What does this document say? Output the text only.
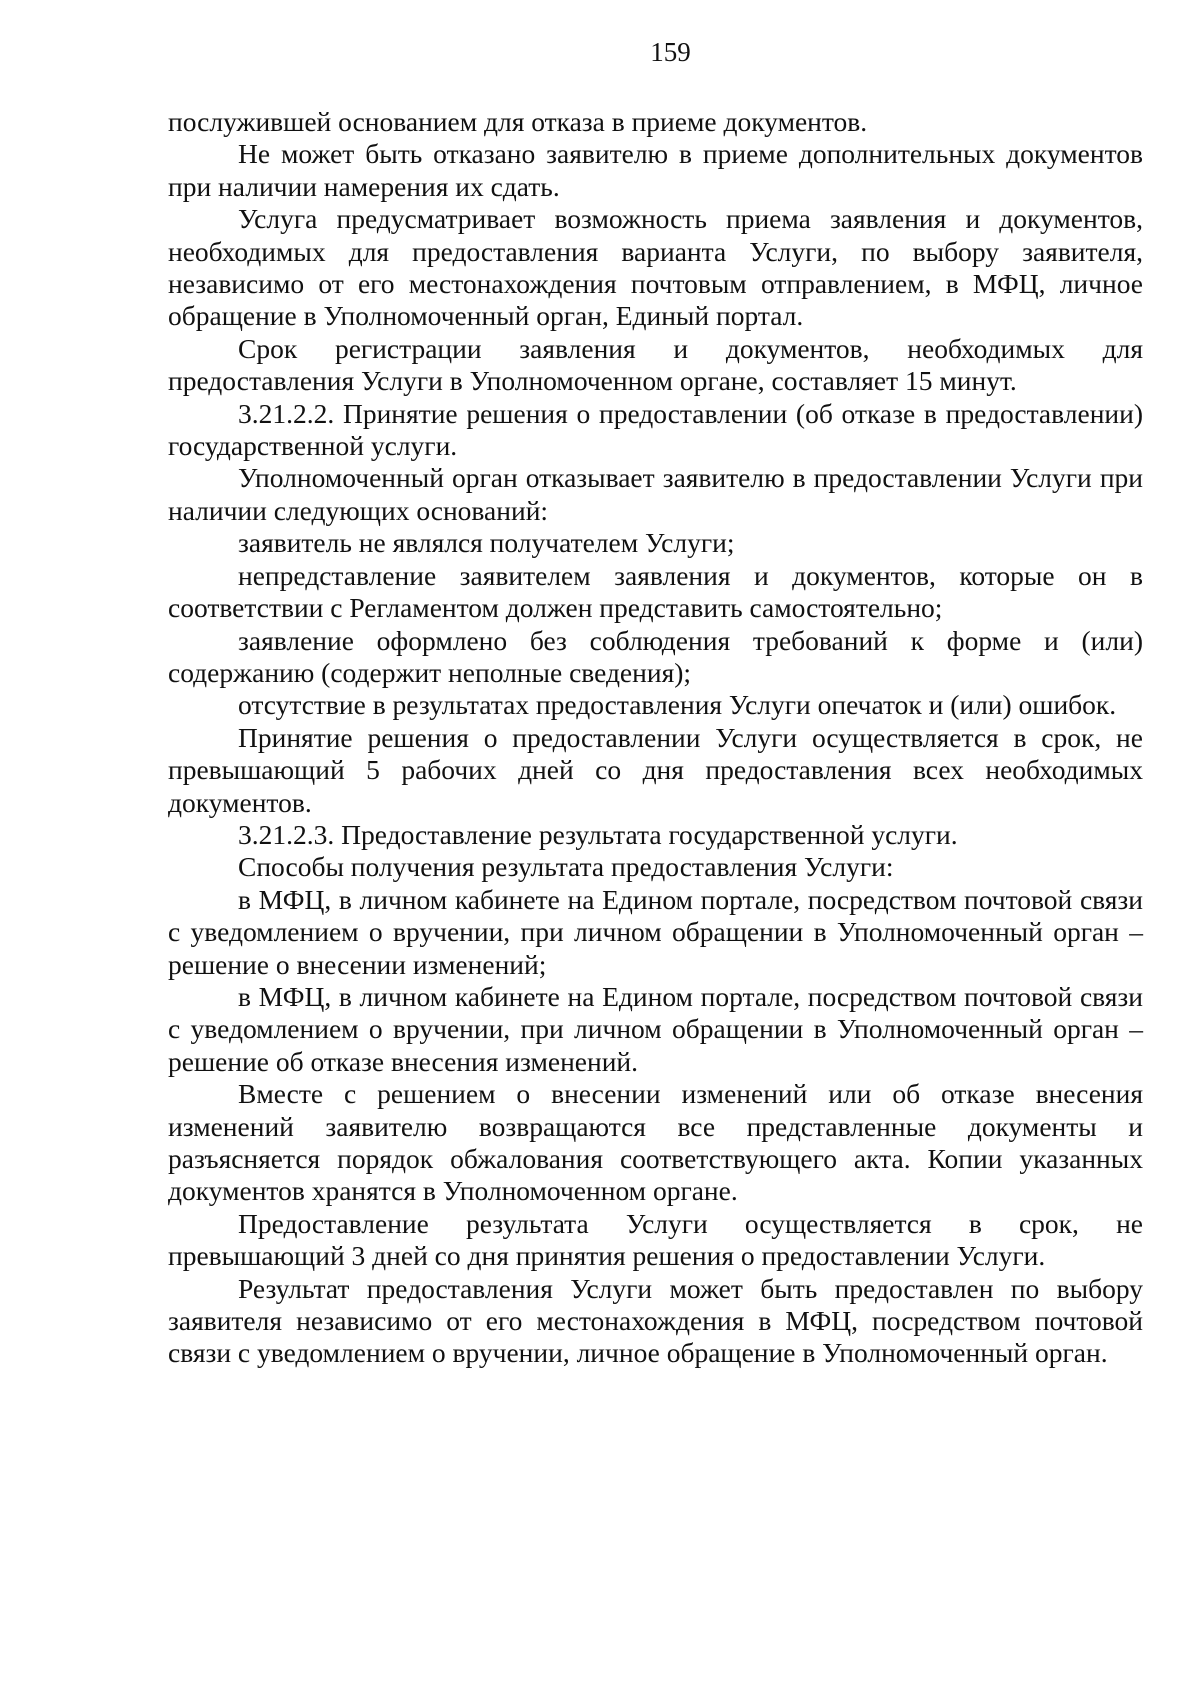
159

послужившей основанием для отказа в приеме документов.

Не может быть отказано заявителю в приеме дополнительных документов при наличии намерения их сдать.

Услуга предусматривает возможность приема заявления и документов, необходимых для предоставления варианта Услуги, по выбору заявителя, независимо от его местонахождения почтовым отправлением, в МФЦ, личное обращение в Уполномоченный орган, Единый портал.

Срок регистрации заявления и документов, необходимых для предоставления Услуги в Уполномоченном органе, составляет 15 минут.

3.21.2.2. Принятие решения о предоставлении (об отказе в предоставлении) государственной услуги.

Уполномоченный орган отказывает заявителю в предоставлении Услуги при наличии следующих оснований:

заявитель не являлся получателем Услуги;

непредставление заявителем заявления и документов, которые он в соответствии с Регламентом должен представить самостоятельно;

заявление оформлено без соблюдения требований к форме и (или) содержанию (содержит неполные сведения);

отсутствие в результатах предоставления Услуги опечаток и (или) ошибок.

Принятие решения о предоставлении Услуги осуществляется в срок, не превышающий 5 рабочих дней со дня предоставления всех необходимых документов.

3.21.2.3. Предоставление результата государственной услуги.

Способы получения результата предоставления Услуги:

в МФЦ, в личном кабинете на Едином портале, посредством почтовой связи с уведомлением о вручении, при личном обращении в Уполномоченный орган – решение о внесении изменений;

в МФЦ, в личном кабинете на Едином портале, посредством почтовой связи с уведомлением о вручении, при личном обращении в Уполномоченный орган – решение об отказе внесения изменений.

Вместе с решением о внесении изменений или об отказе внесения изменений заявителю возвращаются все представленные документы и разъясняется порядок обжалования соответствующего акта. Копии указанных документов хранятся в Уполномоченном органе.

Предоставление результата Услуги осуществляется в срок, не превышающий 3 дней со дня принятия решения о предоставлении Услуги.

Результат предоставления Услуги может быть предоставлен по выбору заявителя независимо от его местонахождения в МФЦ, посредством почтовой связи с уведомлением о вручении, личное обращение в Уполномоченный орган.
